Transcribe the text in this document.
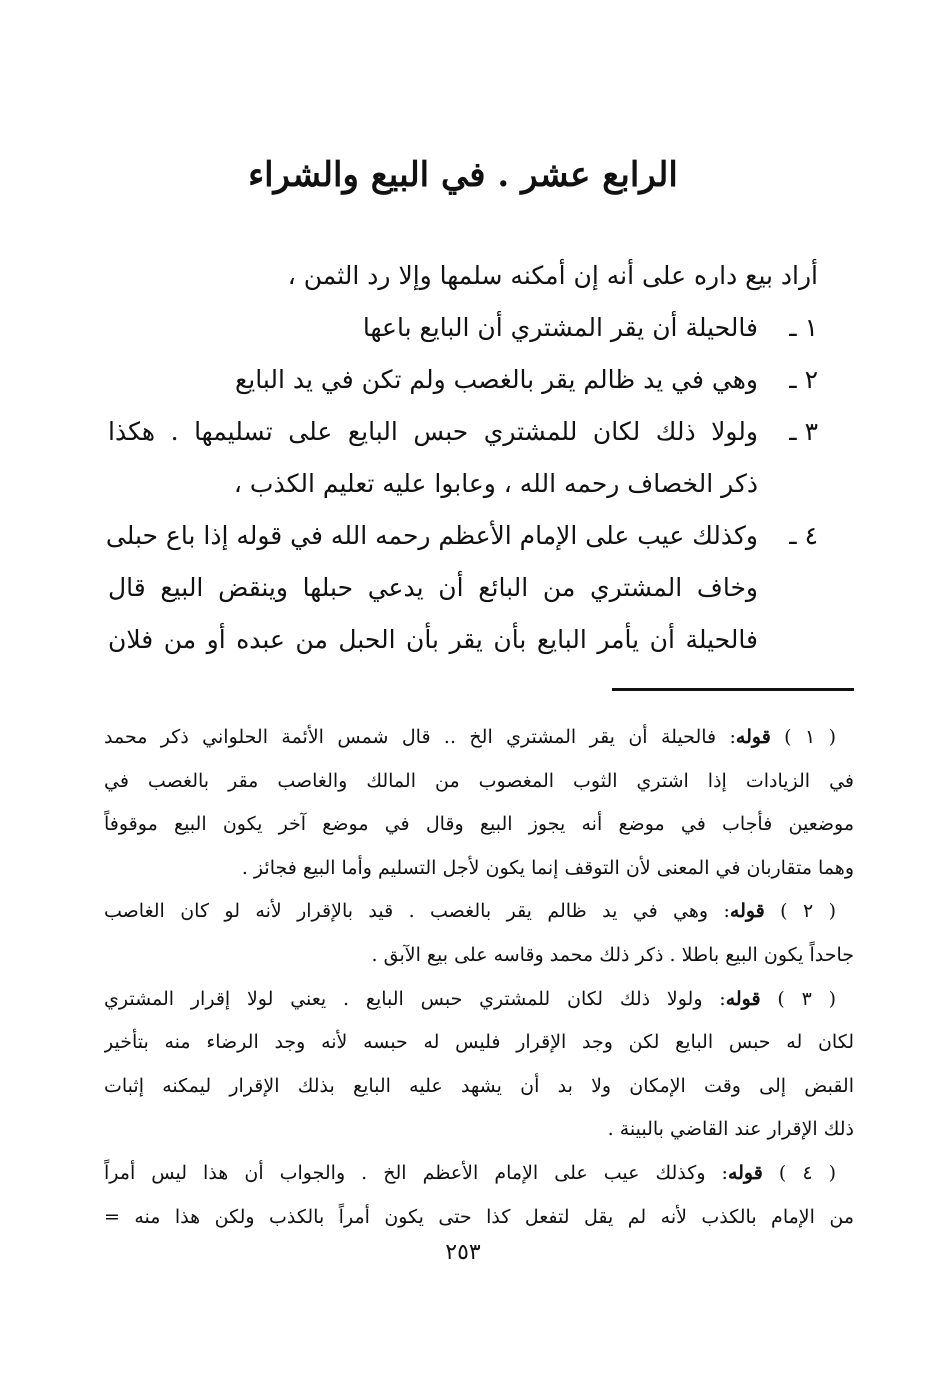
الرابع عشر . في البيع والشراء
أراد بيع داره على أنه إن أمكنه سلمها وإلا رد الثمن ،
١ ـ
فالحيلة أن يقر المشتري أن البايع باعها
٢ ـ
وهي في يد ظالم يقر بالغصب ولم تكن في يد البايع
٣ ـ
ولولا ذلك لكان للمشتري حبس البايع على تسليمها . هكذا
ذكر الخصاف رحمه الله ، وعابوا عليه تعليم الكذب ،
٤ ـ
وكذلك عيب على الإمام الأعظم رحمه الله في قوله إذا باع حبلى
وخاف المشتري من البائع أن يدعي حبلها وينقض البيع قال
فالحيلة أن يأمر البايع بأن يقر بأن الحبل من عبده أو من فلان
( ١ ) قوله: فالحيلة أن يقر المشتري الخ .. قال شمس الأئمة الحلواني ذكر محمد
في الزيادات إذا اشتري الثوب المغصوب من المالك والغاصب مقر بالغصب في
موضعين فأجاب في موضع أنه يجوز البيع وقال في موضع آخر يكون البيع موقوفاً
وهما متقاربان في المعنى لأن التوقف إنما يكون لأجل التسليم وأما البيع فجائز .
( ٢ ) قوله: وهي في يد ظالم يقر بالغصب . قيد بالإقرار لأنه لو كان الغاصب
جاحداً يكون البيع باطلا . ذكر ذلك محمد وقاسه على بيع الآبق .
( ٣ ) قوله: ولولا ذلك لكان للمشتري حبس البايع . يعني لولا إقرار المشتري
لكان له حبس البايع لكن وجد الإقرار فليس له حبسه لأنه وجد الرضاء منه بتأخير
القبض إلى وقت الإمكان ولا بد أن يشهد عليه البايع بذلك الإقرار ليمكنه إثبات
ذلك الإقرار عند القاضي بالبينة .
( ٤ ) قوله: وكذلك عيب على الإمام الأعظم الخ . والجواب أن هذا ليس أمراً
من الإمام بالكذب لأنه لم يقل لتفعل كذا حتى يكون أمراً بالكذب ولكن هذا منه =
٢٥٣
